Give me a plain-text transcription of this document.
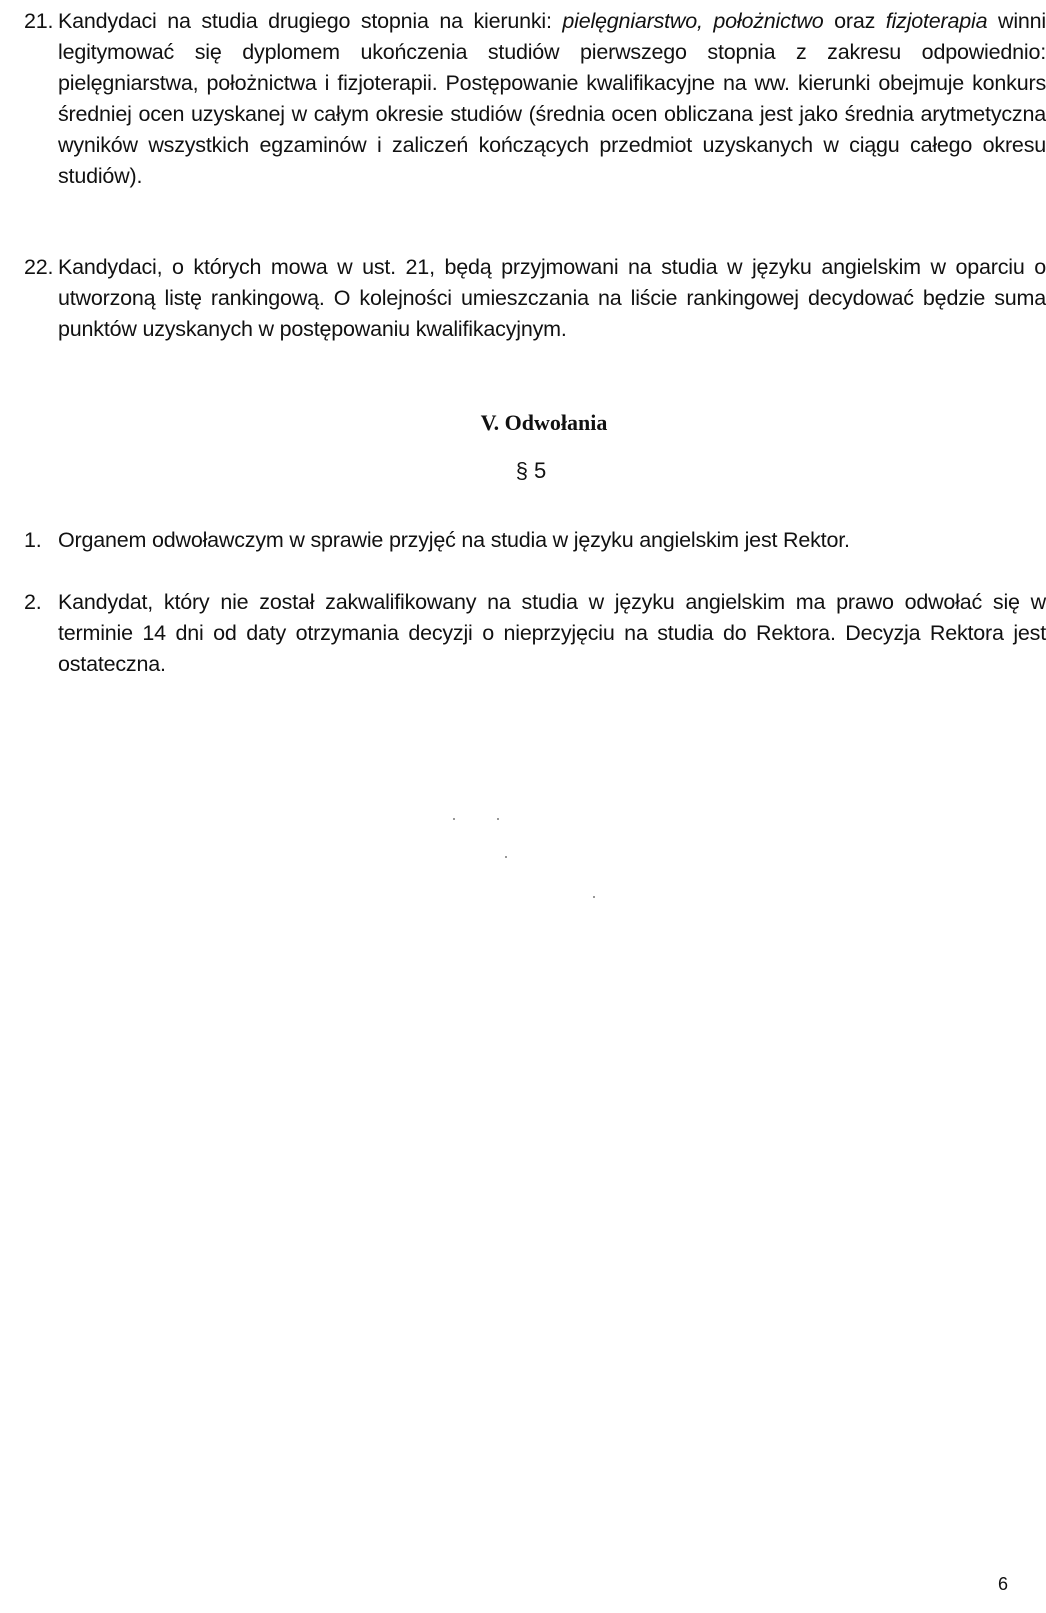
21. Kandydaci na studia drugiego stopnia na kierunki: pielęgniarstwo, położnictwo oraz fizjoterapia winni legitymować się dyplomem ukończenia studiów pierwszego stopnia z zakresu odpowiednio: pielęgniarstwa, położnictwa i fizjoterapii. Postępowanie kwalifikacyjne na ww. kierunki obejmuje konkurs średniej ocen uzyskanej w całym okresie studiów (średnia ocen obliczana jest jako średnia arytmetyczna wyników wszystkich egzaminów i zaliczeń kończących przedmiot uzyskanych w ciągu całego okresu studiów).
22. Kandydaci, o których mowa w ust. 21, będą przyjmowani na studia w języku angielskim w oparciu o utworzoną listę rankingową. O kolejności umieszczania na liście rankingowej decydować będzie suma punktów uzyskanych w postępowaniu kwalifikacyjnym.
V. Odwołania
§ 5
1. Organem odwoławczym w sprawie przyjęć na studia w języku angielskim jest Rektor.
2. Kandydat, który nie został zakwalifikowany na studia w języku angielskim ma prawo odwołać się w terminie 14 dni od daty otrzymania decyzji o nieprzyjęciu na studia do Rektora. Decyzja Rektora jest ostateczna.
6
